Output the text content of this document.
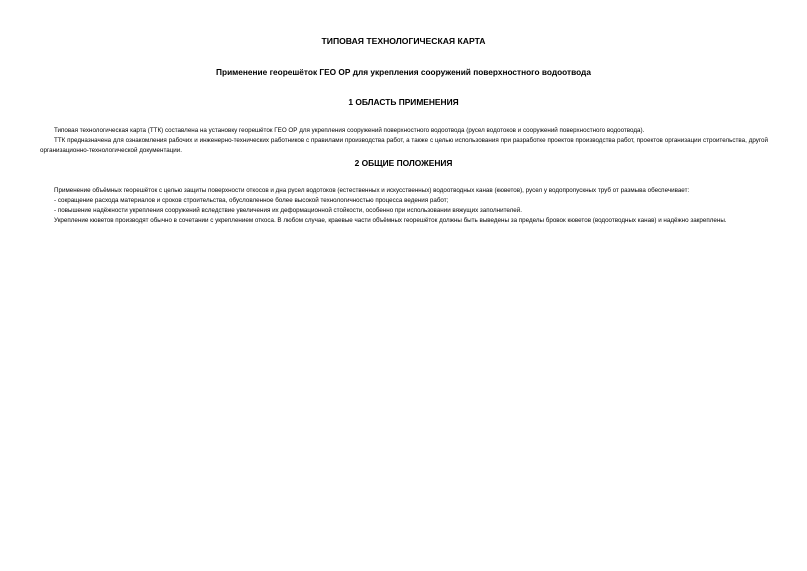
ТИПОВАЯ ТЕХНОЛОГИЧЕСКАЯ КАРТА
Применение георешёток ГЕО ОР для укрепления сооружений поверхностного водоотвода
1 ОБЛАСТЬ ПРИМЕНЕНИЯ

Типовая технологическая карта (ТТК) составлена на установку георешёток ГЕО ОР для укрепления сооружений поверхностного водоотвода (русел водотоков и сооружений поверхностного водоотвода).

ТТК предназначена для ознакомления рабочих и инженерно-технических работников с правилами производства работ, а также с целью использования при разработке проектов производства работ, проектов организации строительства, другой организационно-технологической документации.

2 ОБЩИЕ ПОЛОЖЕНИЯ

Применение объёмных георешёток с целью защиты поверхности откосов и дна русел водотоков (естественных и искусственных) водоотводных канав (кюветов), русел у водопропускных труб от размыва обеспечивает:

- сокращение расхода материалов и сроков строительства, обусловленное более высокой технологичностью процесса ведения работ;

- повышение надёжности укрепления сооружений вследствие увеличения их деформационной стойкости, особенно при использовании вяжущих заполнителей.

Укрепление кюветов производят обычно в сочетании с укреплением откоса. В любом случае, краевые части объёмных георешёток должны быть выведены за пределы бровок кюветов (водоотводных канав) и надёжно закреплены.
